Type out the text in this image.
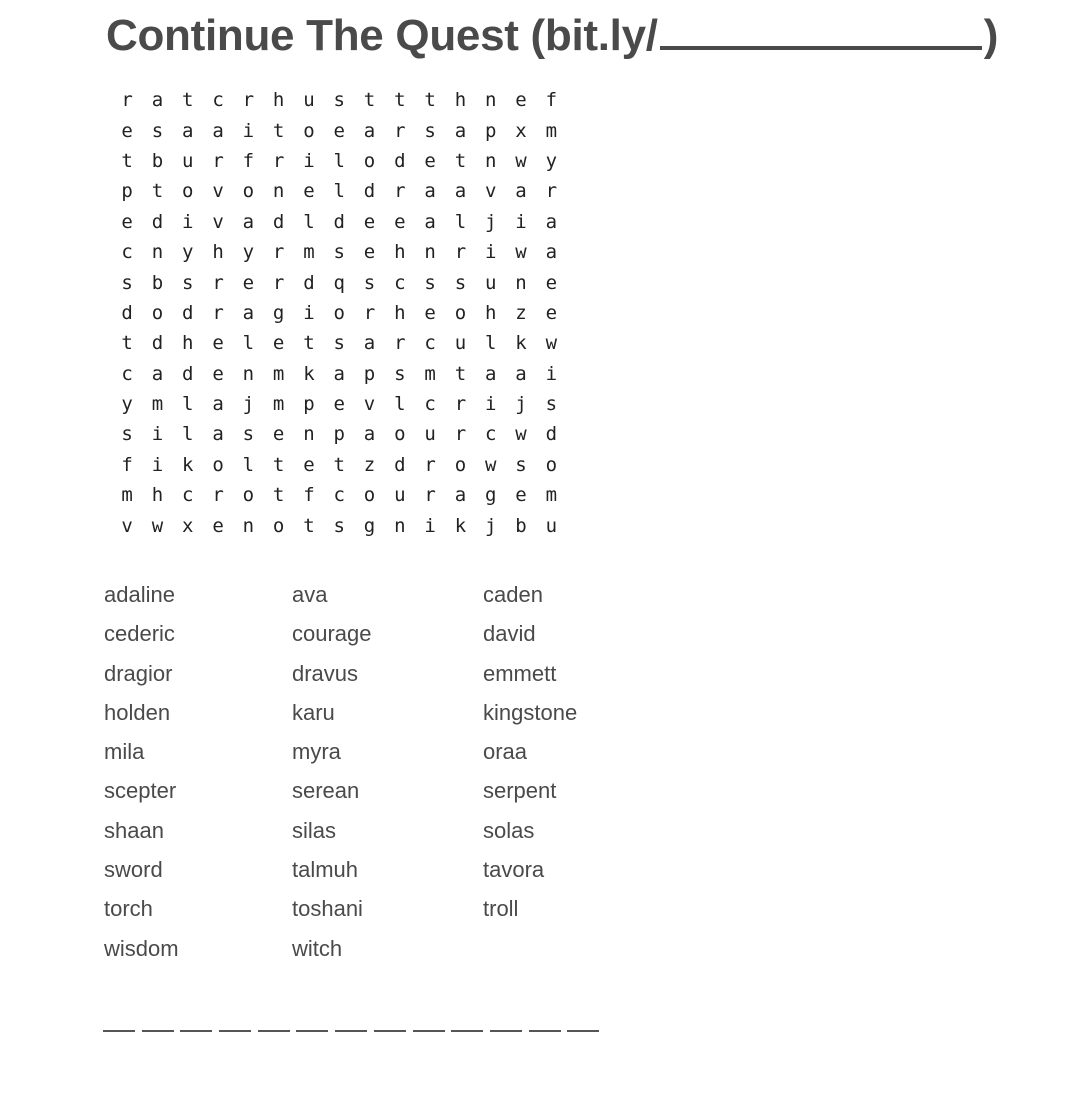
Continue The Quest (bit.ly/	)
r a t c r h u s t t t h n e f
e s a a i t o e a r s a p x m
t b u r f r i l o d e t n w y
p t o v o n e l d r a a v a r
e d i v a d l d e e a l j i a
c n y h y r m s e h n r i w a
s b s r e r d q s c s s u n e
d o d r a g i o r h e o h z e
t d h e l e t s a r c u l k w
c a d e n m k a p s m t a a i
y m l a j m p e v l c r i j s
s i l a s e n p a o u r c w d
f i k o l t e t z d r o w s o
m h c r o t f c o u r a g e m
v w x e n o t s g n i k j b u
adaline	ava	caden
cederic	courage	david
dragior	dravus	emmett
holden	karu	kingstone
mila	myra	oraa
scepter	serean	serpent
shaan	silas	solas
sword	talmuh	tavora
torch	toshani	troll
wisdom	witch
